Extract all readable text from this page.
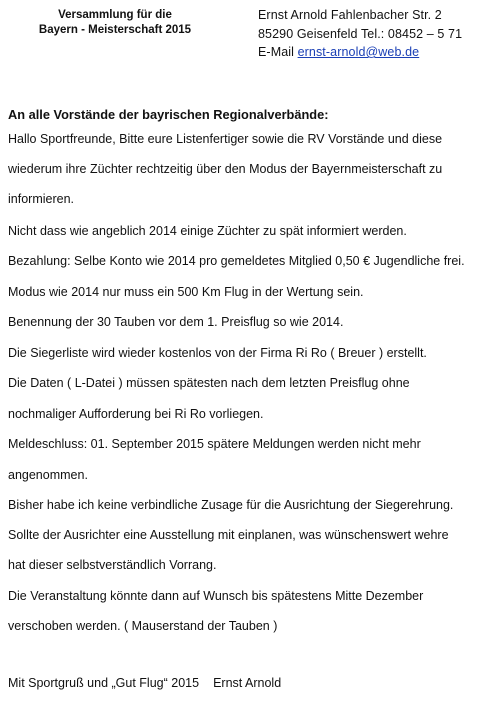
Versammlung für die
Bayern - Meisterschaft 2015
Ernst Arnold Fahlenbacher Str. 2
85290 Geisenfeld Tel.: 08452 – 5 71
E-Mail ernst-arnold@web.de
An alle Vorstände der bayrischen Regionalverbände:
Hallo Sportfreunde, Bitte eure Listenfertiger sowie die RV Vorstände und diese
wiederum ihre Züchter rechtzeitig über den Modus der Bayernmeisterschaft zu
informieren.
Nicht dass wie angeblich 2014 einige Züchter zu spät informiert werden.
Bezahlung: Selbe Konto wie 2014 pro gemeldetes Mitglied 0,50 € Jugendliche frei.
Modus wie 2014 nur muss ein 500 Km Flug in der Wertung sein.
Benennung der 30 Tauben vor dem 1. Preisflug so wie 2014.
Die Siegerliste wird wieder kostenlos von der Firma Ri Ro ( Breuer ) erstellt.
Die Daten ( L-Datei ) müssen spätesten nach dem letzten Preisflug ohne
nochmaliger Aufforderung bei Ri Ro vorliegen.
Meldeschluss: 01. September 2015 spätere Meldungen werden nicht mehr
angenommen.
Bisher habe ich keine verbindliche Zusage für die Ausrichtung der Siegerehrung.
Sollte der Ausrichter eine Ausstellung mit einplanen, was wünschenswert wehre
hat dieser selbstverständlich Vorrang.
Die Veranstaltung könnte dann auf Wunsch bis spätestens Mitte Dezember
verschoben werden. ( Mauserstand der Tauben )
Mit Sportgruß und „Gut Flug“ 2015 Ernst Arnold
